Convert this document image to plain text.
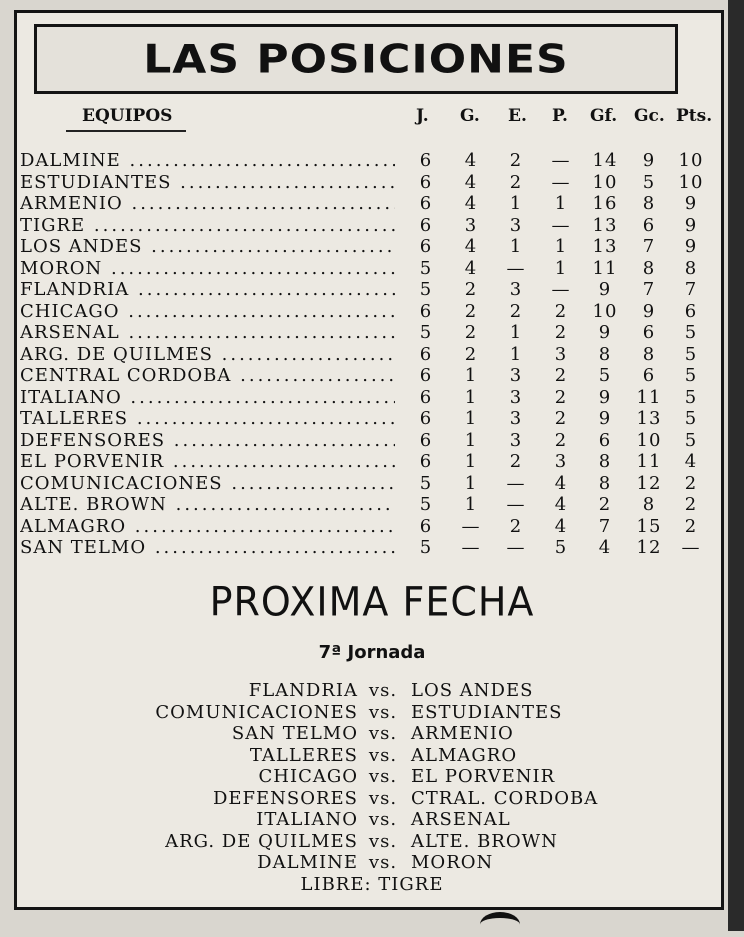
LAS POSICIONES
EQUIPOS	J. G. E. P. Gf. Gc. Pts.
DALMINE .....	6	4	2	—	14	9	10
ESTUDIANTES .....	6	4	2	—	10	5	10
ARMENIO .....	6	4	1	1	16	8	9
TIGRE .....	6	3	3	—	13	6	9
LOS ANDES .....	6	4	1	1	13	7	9
MORON .....	5	4	—	1	11	8	8
FLANDRIA .....	5	2	3	—	9	7	7
CHICAGO .....	6	2	2	2	10	9	6
ARSENAL .....	5	2	1	2	9	6	5
ARG. DE QUILMES .....	6	2	1	3	8	8	5
CENTRAL CORDOBA .....	6	1	3	2	5	6	5
ITALIANO .....	6	1	3	2	9	11	5
TALLERES .....	6	1	3	2	9	13	5
DEFENSORES .....	6	1	3	2	6	10	5
EL PORVENIR .....	6	1	2	3	8	11	4
COMUNICACIONES .....	5	1	—	4	8	12	2
ALTE. BROWN .....	5	1	—	4	2	8	2
ALMAGRO .....	6	—	2	4	7	15	2
SAN TELMO .....	5	—	—	5	4	12	—
PROXIMA FECHA
7ª Jornada
FLANDRIA vs. LOS ANDES
COMUNICACIONES vs. ESTUDIANTES
SAN TELMO vs. ARMENIO
TALLERES vs. ALMAGRO
CHICAGO vs. EL PORVENIR
DEFENSORES vs. CTRAL. CORDOBA
ITALIANO vs. ARSENAL
ARG. DE QUILMES vs. ALTE. BROWN
DALMINE vs. MORON
LIBRE: TIGRE
